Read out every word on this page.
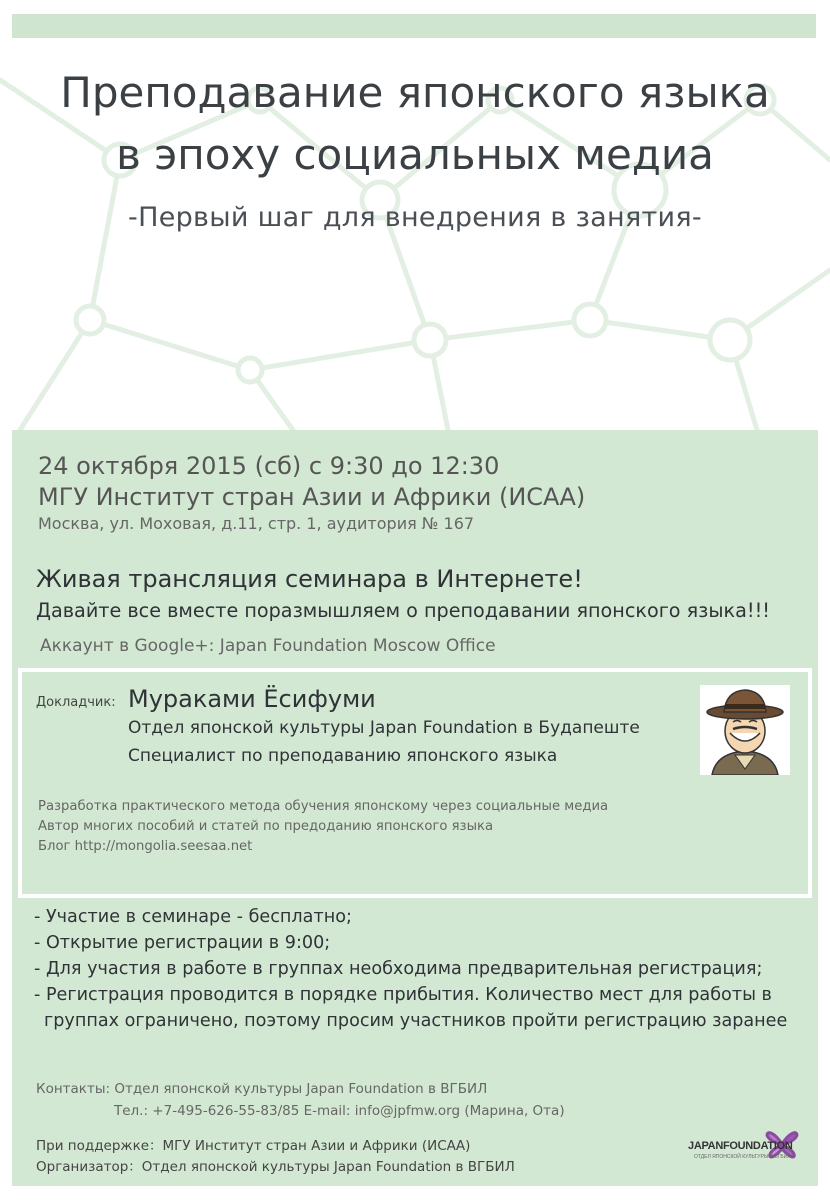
Преподавание японского языка
в эпоху социальных медиа
-Первый шаг для внедрения в занятия-
24 октября 2015 (сб) с 9:30 до 12:30
МГУ Институт стран Азии и Африки (ИСАА)
Москва, ул. Моховая, д.11, стр. 1, аудитория № 167
Живая трансляция семинара в Интернете!
Давайте все вместе поразмышляем о преподавании японского языка!!!
Аккаунт в Google+: Japan Foundation Moscow Office
Докладчик: Мураками Ёсифуми
Отдел японской культуры Japan Foundation в Будапеште
Специалист по преподаванию японского языка
Разработка практического метода обучения японскому через социальные медиа
Автор многих пособий и статей по предоданию японского языка
Блог http://mongolia.seesaa.net
- Участие в семинаре - бесплатно;
- Открытие регистрации в 9:00;
- Для участия в работе в группах необходима предварительная регистрация;
- Регистрация проводится в порядке прибытия. Количество мест для работы в
группах ограничено, поэтому просим участников пройти регистрацию заранее
Контакты: Отдел японской культуры Japan Foundation в ВГБИЛ
Тел.: +7-495-626-55-83/85 E-mail: info@jpfmw.org (Марина, Ота)
При поддержке：МГУ Институт стран Азии и Африки (ИСАА)
Организатор：Отдел японской культуры Japan Foundation в ВГБИЛ
JAPANFOUNDATION
ОТДЕЛ ЯПОНСКОЙ КУЛЬТУРЫ В ВГБИЛ
